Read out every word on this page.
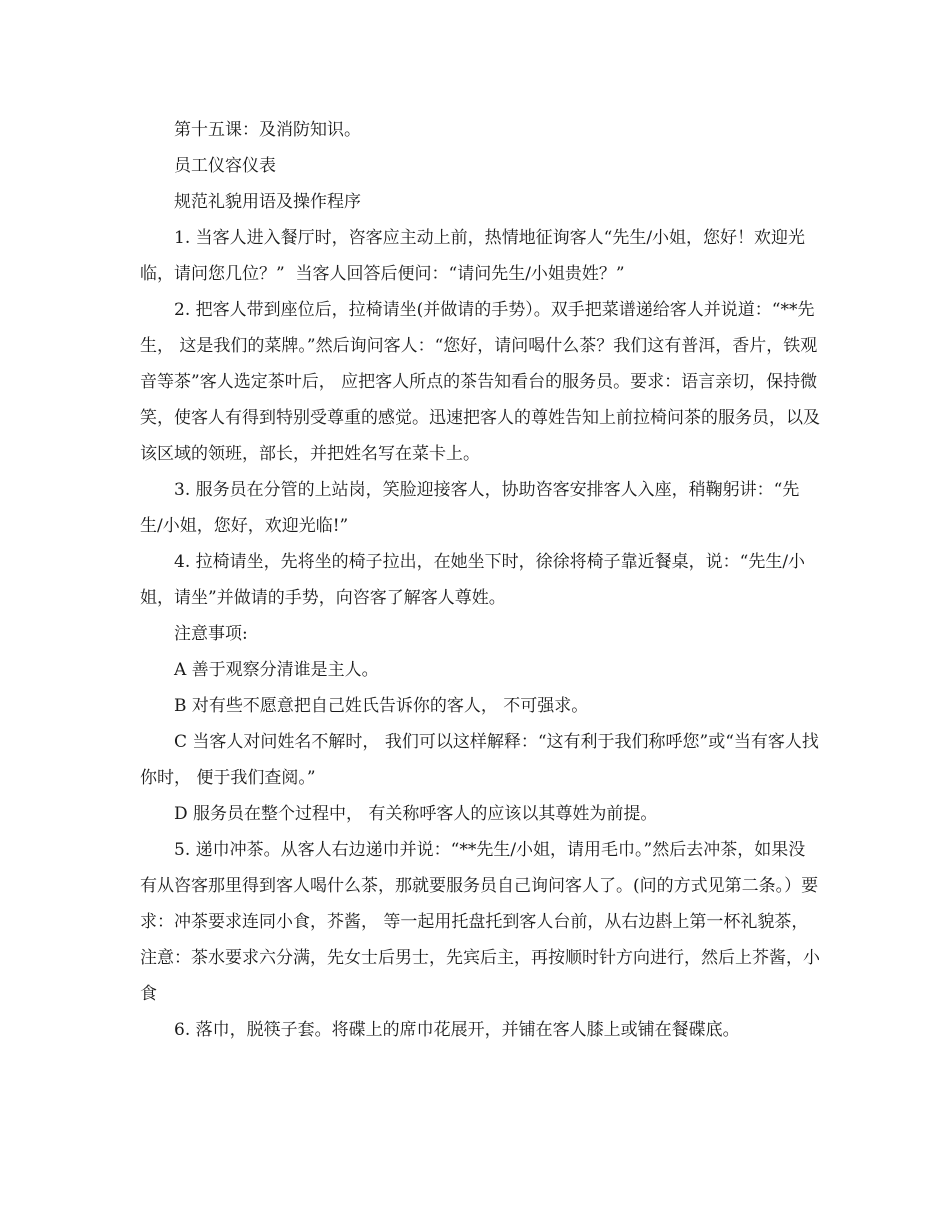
第十五课：及消防知识。

员工仪容仪表

规范礼貌用语及操作程序

1. 当客人进入餐厅时，咨客应主动上前，热情地征询客人“先生/小姐，您好！欢迎光临，请问您几位？”  当客人回答后便问：“请问先生/小姐贵姓？”

2. 把客人带到座位后，拉椅请坐(并做请的手势）。双手把菜谱递给客人并说道：“**先生， 这是我们的菜牌。”然后询问客人：“您好，请问喝什么茶？我们这有普洱，香片，铁观音等茶”客人选定茶叶后， 应把客人所点的茶告知看台的服务员。要求：语言亲切，保持微笑，使客人有得到特别受尊重的感觉。迅速把客人的尊姓告知上前拉椅问茶的服务员，以及该区域的领班，部长，并把姓名写在菜卡上。

3. 服务员在分管的上站岗，笑脸迎接客人，协助咨客安排客人入座，稍鞠躬讲：“先生/小姐，您好，欢迎光临!”

4. 拉椅请坐，先将坐的椅子拉出，在她坐下时，徐徐将椅子靠近餐桌，说：“先生/小姐，请坐”并做请的手势，向咨客了解客人尊姓。

注意事项:

A 善于观察分清谁是主人。

B 对有些不愿意把自己姓氏告诉你的客人， 不可强求。

C 当客人对问姓名不解时， 我们可以这样解释：“这有利于我们称呼您”或“当有客人找你时， 便于我们查阅。”

D 服务员在整个过程中， 有关称呼客人的应该以其尊姓为前提。

5. 递巾冲茶。从客人右边递巾并说：“**先生/小姐，请用毛巾。”然后去冲茶，如果没有从咨客那里得到客人喝什么茶，那就要服务员自己询问客人了。(问的方式见第二条。）要求：冲茶要求连同小食，芥酱， 等一起用托盘托到客人台前，从右边斟上第一杯礼貌茶，注意：茶水要求六分满，先女士后男士，先宾后主，再按顺时针方向进行，然后上芥酱，小食

6. 落巾，脱筷子套。将碟上的席巾花展开，并铺在客人膝上或铺在餐碟底。
